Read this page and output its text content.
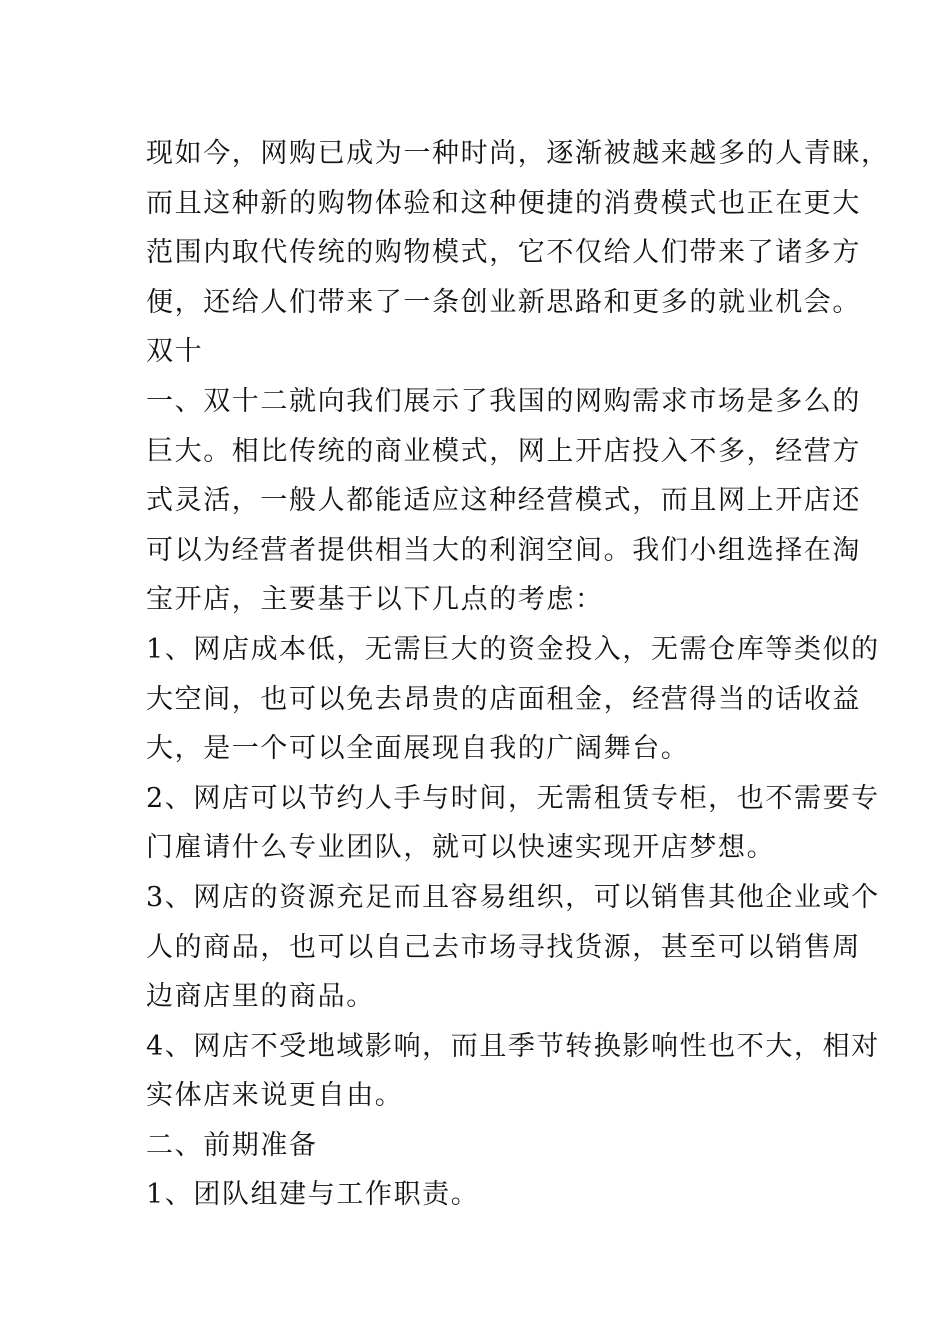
现如今，网购已成为一种时尚，逐渐被越来越多的人青睐，
而且这种新的购物体验和这种便捷的消费模式也正在更大
范围内取代传统的购物模式，它不仅给人们带来了诸多方
便，还给人们带来了一条创业新思路和更多的就业机会。
双十
一、双十二就向我们展示了我国的网购需求市场是多么的
巨大。相比传统的商业模式，网上开店投入不多，经营方
式灵活，一般人都能适应这种经营模式，而且网上开店还
可以为经营者提供相当大的利润空间。我们小组选择在淘
宝开店，主要基于以下几点的考虑：
1、网店成本低，无需巨大的资金投入，无需仓库等类似的
大空间，也可以免去昂贵的店面租金，经营得当的话收益
大，是一个可以全面展现自我的广阔舞台。
2、网店可以节约人手与时间，无需租赁专柜，也不需要专
门雇请什么专业团队，就可以快速实现开店梦想。
3、网店的资源充足而且容易组织，可以销售其他企业或个
人的商品，也可以自己去市场寻找货源，甚至可以销售周
边商店里的商品。
4、网店不受地域影响，而且季节转换影响性也不大，相对
实体店来说更自由。
二、前期准备
1、团队组建与工作职责。
